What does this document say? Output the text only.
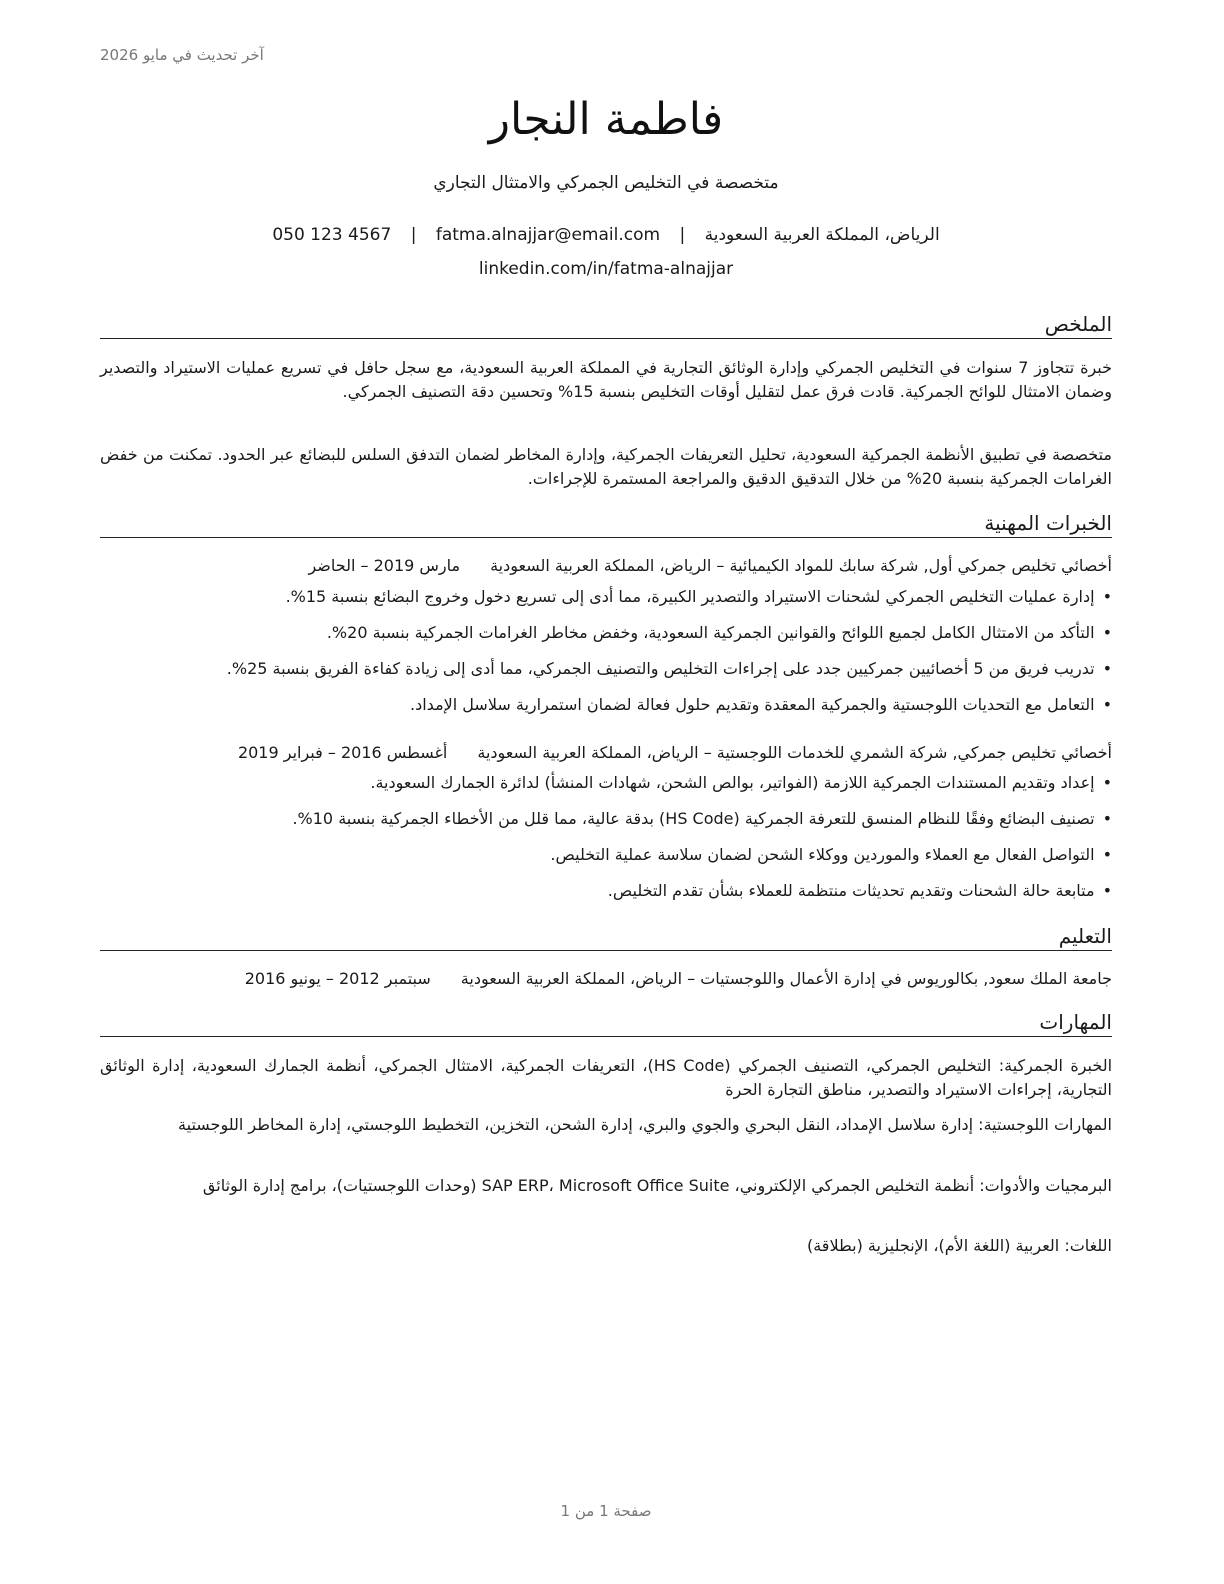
آخر تحديث في مايو 2026
فاطمة النجار
متخصصة في التخليص الجمركي والامتثال التجاري
الرياض، المملكة العربية السعودية | fatma.alnajjar@email.com | 050 123 4567
linkedin.com/in/fatma-alnajjar
الملخص
خبرة تتجاوز 7 سنوات في التخليص الجمركي وإدارة الوثائق التجارية في المملكة العربية السعودية، مع سجل حافل في تسريع عمليات الاستيراد والتصدير وضمان الامتثال للوائح الجمركية. قادت فرق عمل لتقليل أوقات التخليص بنسبة 15% وتحسين دقة التصنيف الجمركي.
متخصصة في تطبيق الأنظمة الجمركية السعودية، تحليل التعريفات الجمركية، وإدارة المخاطر لضمان التدفق السلس للبضائع عبر الحدود. تمكنت من خفض الغرامات الجمركية بنسبة 20% من خلال التدقيق الدقيق والمراجعة المستمرة للإجراءات.
الخبرات المهنية
أخصائي تخليص جمركي أول, شركة سابك للمواد الكيميائية – الرياض، المملكة العربية السعوديةمارس 2019 – الحاضر
• إدارة عمليات التخليص الجمركي لشحنات الاستيراد والتصدير الكبيرة، مما أدى إلى تسريع دخول وخروج البضائع بنسبة 15%.
• التأكد من الامتثال الكامل لجميع اللوائح والقوانين الجمركية السعودية، وخفض مخاطر الغرامات الجمركية بنسبة 20%.
• تدريب فريق من 5 أخصائيين جمركيين جدد على إجراءات التخليص والتصنيف الجمركي، مما أدى إلى زيادة كفاءة الفريق بنسبة 25%.
• التعامل مع التحديات اللوجستية والجمركية المعقدة وتقديم حلول فعالة لضمان استمرارية سلاسل الإمداد.
أخصائي تخليص جمركي, شركة الشمري للخدمات اللوجستية – الرياض، المملكة العربية السعوديةأغسطس 2016 – فبراير 2019
• إعداد وتقديم المستندات الجمركية اللازمة (الفواتير، بوالص الشحن، شهادات المنشأ) لدائرة الجمارك السعودية.
• تصنيف البضائع وفقًا للنظام المنسق للتعرفة الجمركية (HS Code) بدقة عالية، مما قلل من الأخطاء الجمركية بنسبة 10%.
• التواصل الفعال مع العملاء والموردين ووكلاء الشحن لضمان سلاسة عملية التخليص.
• متابعة حالة الشحنات وتقديم تحديثات منتظمة للعملاء بشأن تقدم التخليص.
التعليم
جامعة الملك سعود, بكالوريوس في إدارة الأعمال واللوجستيات – الرياض، المملكة العربية السعوديةسبتمبر 2012 – يونيو 2016
المهارات
الخبرة الجمركية: التخليص الجمركي، التصنيف الجمركي (HS Code)، التعريفات الجمركية، الامتثال الجمركي، أنظمة الجمارك السعودية، إدارة الوثائق التجارية، إجراءات الاستيراد والتصدير، مناطق التجارة الحرة
المهارات اللوجستية: إدارة سلاسل الإمداد، النقل البحري والجوي والبري، إدارة الشحن، التخزين، التخطيط اللوجستي، إدارة المخاطر اللوجستية
البرمجيات والأدوات: أنظمة التخليص الجمركي الإلكتروني، SAP ERP، Microsoft Office Suite (وحدات اللوجستيات)، برامج إدارة الوثائق
اللغات: العربية (اللغة الأم)، الإنجليزية (بطلاقة)
صفحة 1 من 1
